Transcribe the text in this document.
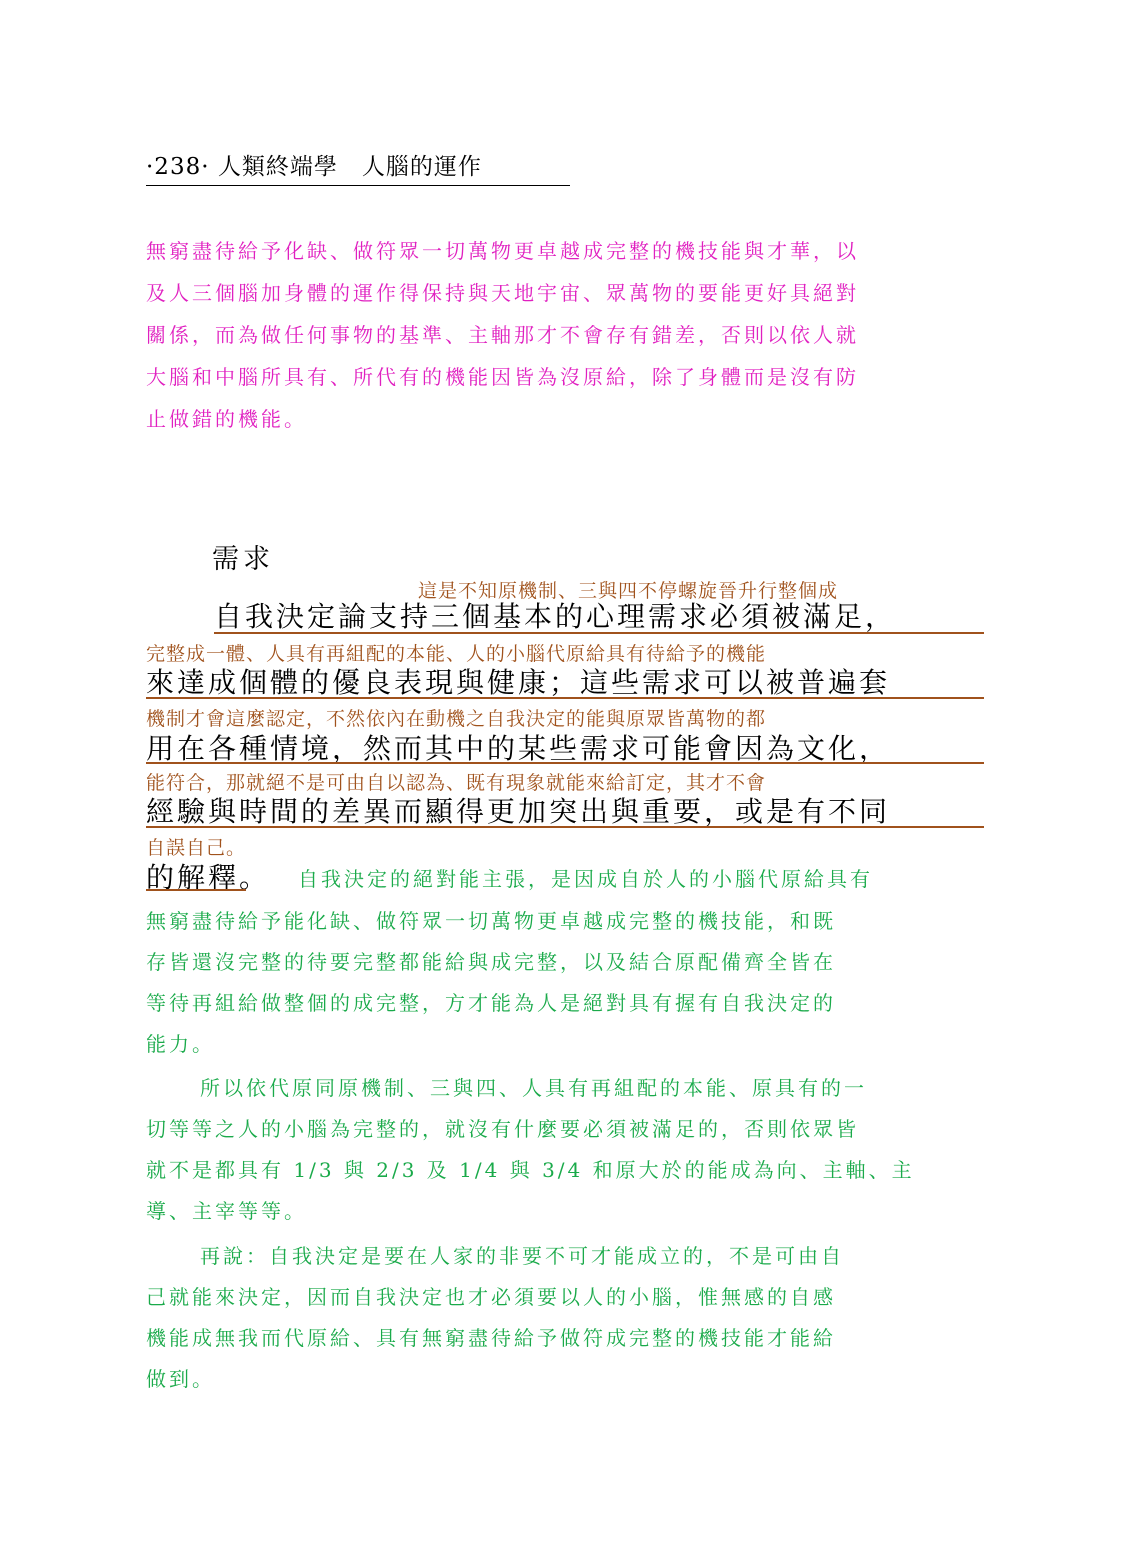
·238· 人類終端學　人腦的運作
無窮盡待給予化缺、做符眾一切萬物更卓越成完整的機技能與才華，以
及人三個腦加身體的運作得保持與天地宇宙、眾萬物的要能更好具絕對
關係，而為做任何事物的基準、主軸那才不會存有錯差，否則以依人就
大腦和中腦所具有、所代有的機能因皆為沒原給，除了身體而是沒有防
止做錯的機能。
需求
這是不知原機制、三與四不停螺旋晉升行整個成
自我決定論支持三個基本的心理需求必須被滿足，
完整成一體、人具有再組配的本能、人的小腦代原給具有待給予的機能
來達成個體的優良表現與健康；這些需求可以被普遍套
機制才會這麼認定，不然依內在動機之自我決定的能與原眾皆萬物的都
用在各種情境，然而其中的某些需求可能會因為文化，
能符合，那就絕不是可由自以認為、既有現象就能來給訂定，其才不會
經驗與時間的差異而顯得更加突出與重要，或是有不同
自誤自己。
的解釋。 自我決定的絕對能主張，是因成自於人的小腦代原給具有
無窮盡待給予能化缺、做符眾一切萬物更卓越成完整的機技能，和既
存皆還沒完整的待要完整都能給與成完整，以及結合原配備齊全皆在
等待再組給做整個的成完整，方才能為人是絕對具有握有自我決定的
能力。
所以依代原同原機制、三與四、人具有再組配的本能、原具有的一
切等等之人的小腦為完整的，就沒有什麼要必須被滿足的，否則依眾皆
就不是都具有 1/3 與 2/3 及 1/4 與 3/4 和原大於的能成為向、主軸、主
導、主宰等等。
再說：自我決定是要在人家的非要不可才能成立的，不是可由自
己就能來決定，因而自我決定也才必須要以人的小腦，惟無感的自感
機能成無我而代原給、具有無窮盡待給予做符成完整的機技能才能給
做到。
